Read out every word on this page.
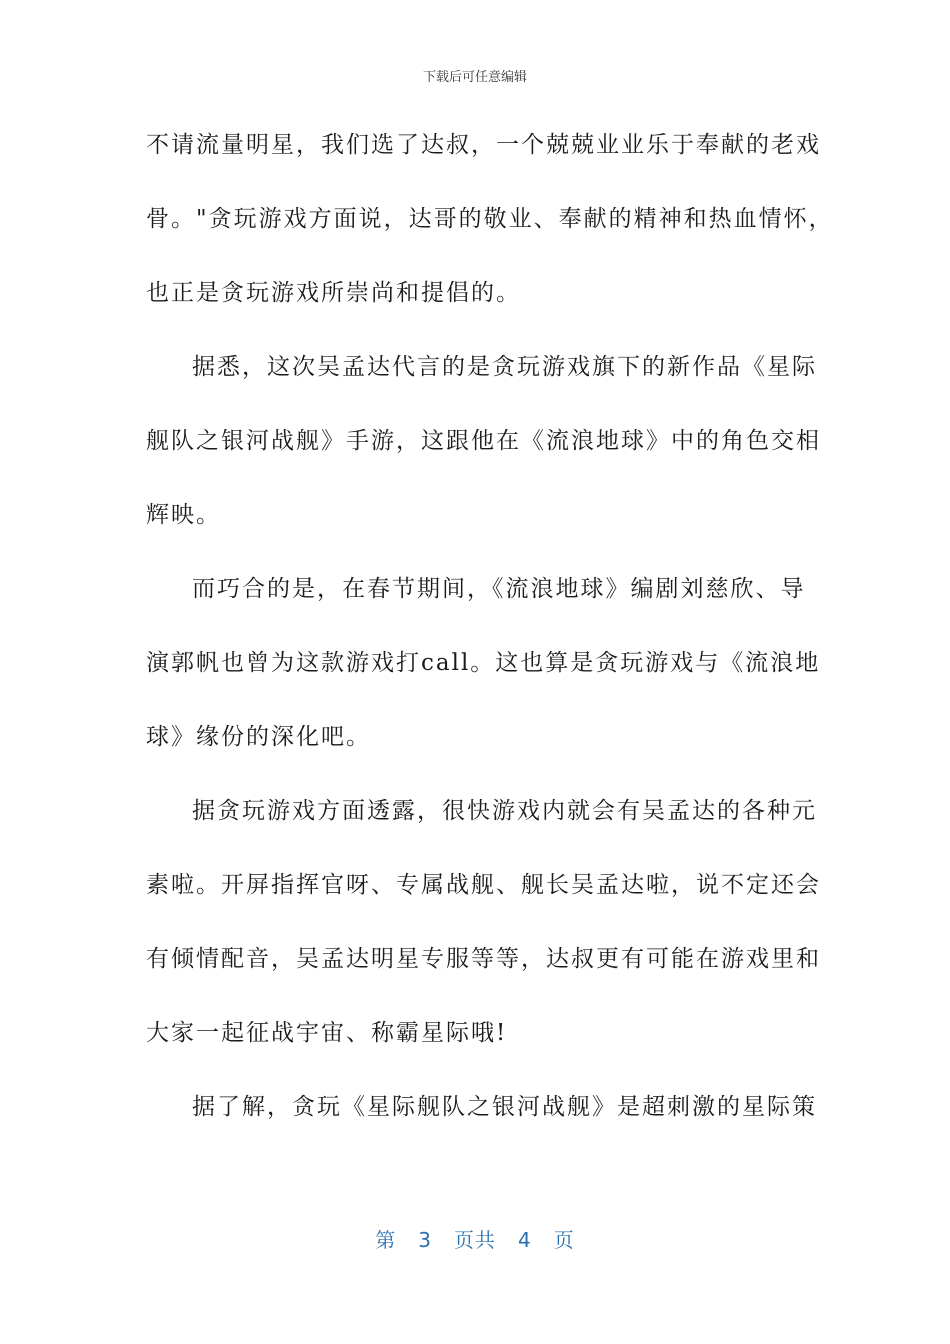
下载后可任意编辑
不请流量明星，我们选了达叔，一个兢兢业业乐于奉献的老戏
骨。"贪玩游戏方面说，达哥的敬业、奉献的精神和热血情怀，
也正是贪玩游戏所崇尚和提倡的。
据悉，这次吴孟达代言的是贪玩游戏旗下的新作品《星际
舰队之银河战舰》手游，这跟他在《流浪地球》中的角色交相
辉映。
而巧合的是，在春节期间，《流浪地球》编剧刘慈欣、导
演郭帆也曾为这款游戏打call。这也算是贪玩游戏与《流浪地
球》缘份的深化吧。
据贪玩游戏方面透露，很快游戏内就会有吴孟达的各种元
素啦。开屏指挥官呀、专属战舰、舰长吴孟达啦，说不定还会
有倾情配音，吴孟达明星专服等等，达叔更有可能在游戏里和
大家一起征战宇宙、称霸星际哦!
据了解，贪玩《星际舰队之银河战舰》是超刺激的星际策
第 3 页共 4 页
